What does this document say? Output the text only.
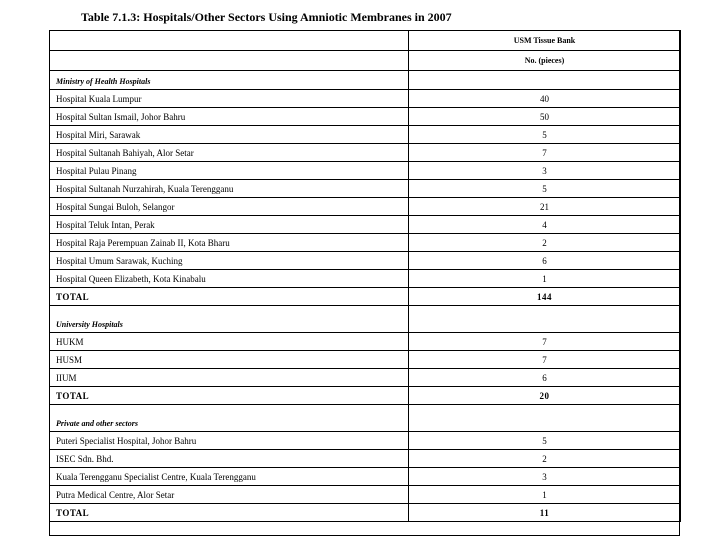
Table 7.1.3: Hospitals/Other Sectors Using Amniotic Membranes in 2007
	USM Tissue Bank
	No. (pieces)
Ministry of Health Hospitals	
Hospital Kuala Lumpur	40
Hospital Sultan Ismail, Johor Bahru	50
Hospital Miri, Sarawak	5
Hospital Sultanah Bahiyah, Alor Setar	7
Hospital Pulau Pinang	3
Hospital Sultanah Nurzahirah, Kuala Terengganu	5
Hospital Sungai Buloh, Selangor	21
Hospital Teluk Intan, Perak	4
Hospital Raja Perempuan Zainab II, Kota Bharu	2
Hospital Umum Sarawak, Kuching	6
Hospital Queen Elizabeth, Kota Kinabalu	1
TOTAL	144
University Hospitals	
HUKM	7
HUSM	7
IIUM	6
TOTAL	20
Private and other sectors	
Puteri Specialist Hospital, Johor Bahru	5
ISEC Sdn. Bhd.	2
Kuala Terengganu Specialist Centre, Kuala Terengganu	3
Putra Medical Centre, Alor Setar	1
TOTAL	11
